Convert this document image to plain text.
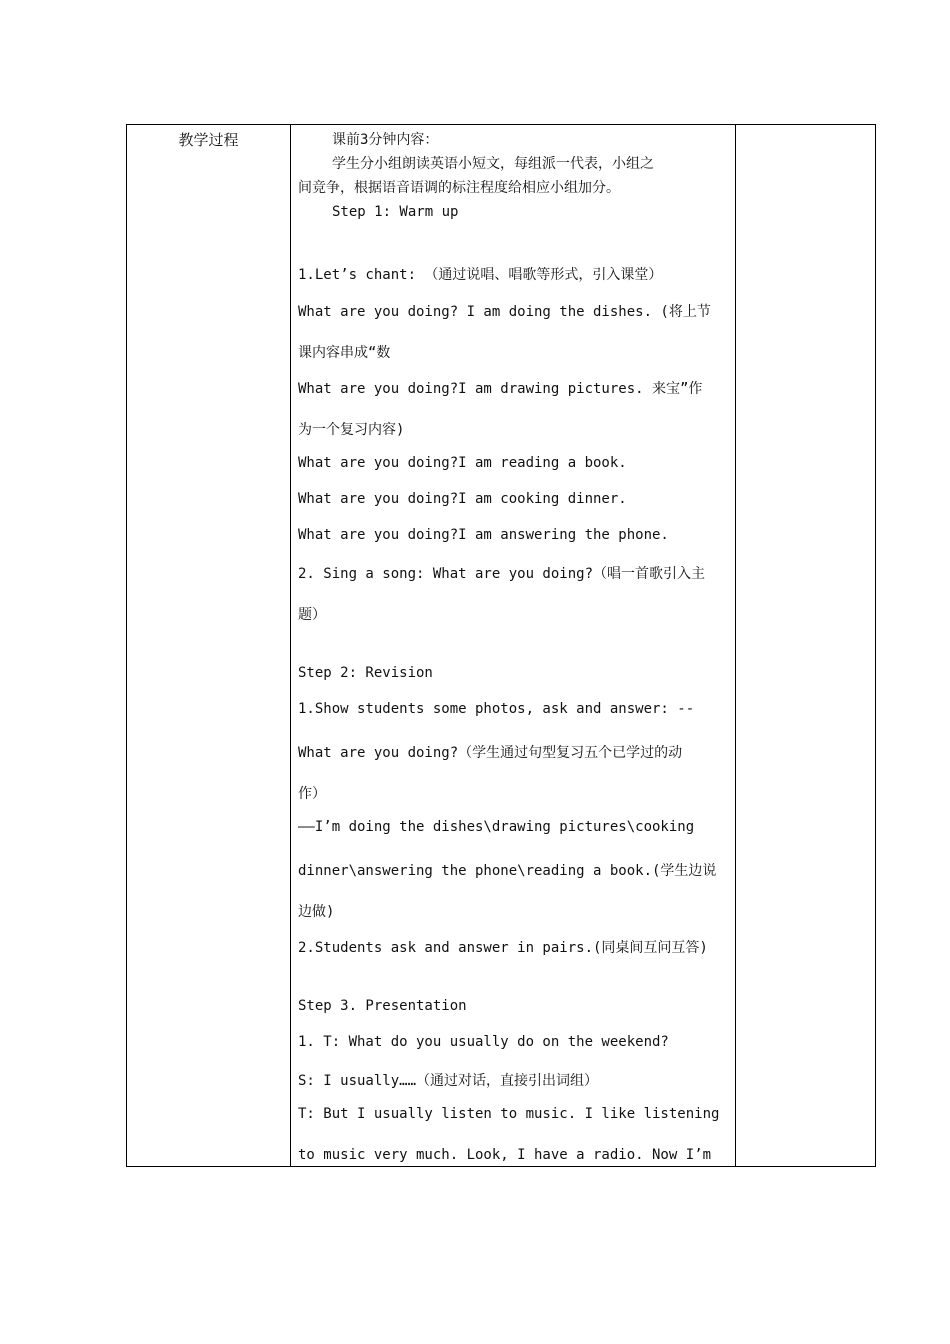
教学过程	课前3分钟内容：
学生分小组朗读英语小短文，每组派一代表，小组之
间竞争，根据语音语调的标注程度给相应小组加分。
Step 1: Warm up
1.Let’s chant: （通过说唱、唱歌等形式，引入课堂）
What are you doing? I am doing the dishes. (将上节
课内容串成“数
What are you doing?I am drawing pictures. 来宝”作
为一个复习内容)
What are you doing?I am reading a book.
What are you doing?I am cooking dinner.
What are you doing?I am answering the phone.
2. Sing a song: What are you doing?（唱一首歌引入主
题）
Step 2: Revision
1.Show students some photos, ask and answer: --
What are you doing?（学生通过句型复习五个已学过的动
作）
——I’m doing the dishes\drawing pictures\cooking
dinner\answering the phone\reading a book.(学生边说
边做)
2.Students ask and answer in pairs.(同桌间互问互答)
Step 3. Presentation
1. T: What do you usually do on the weekend?
S: I usually……（通过对话，直接引出词组）
T: But I usually listen to music. I like listening
to music very much. Look, I have a radio. Now I’m
